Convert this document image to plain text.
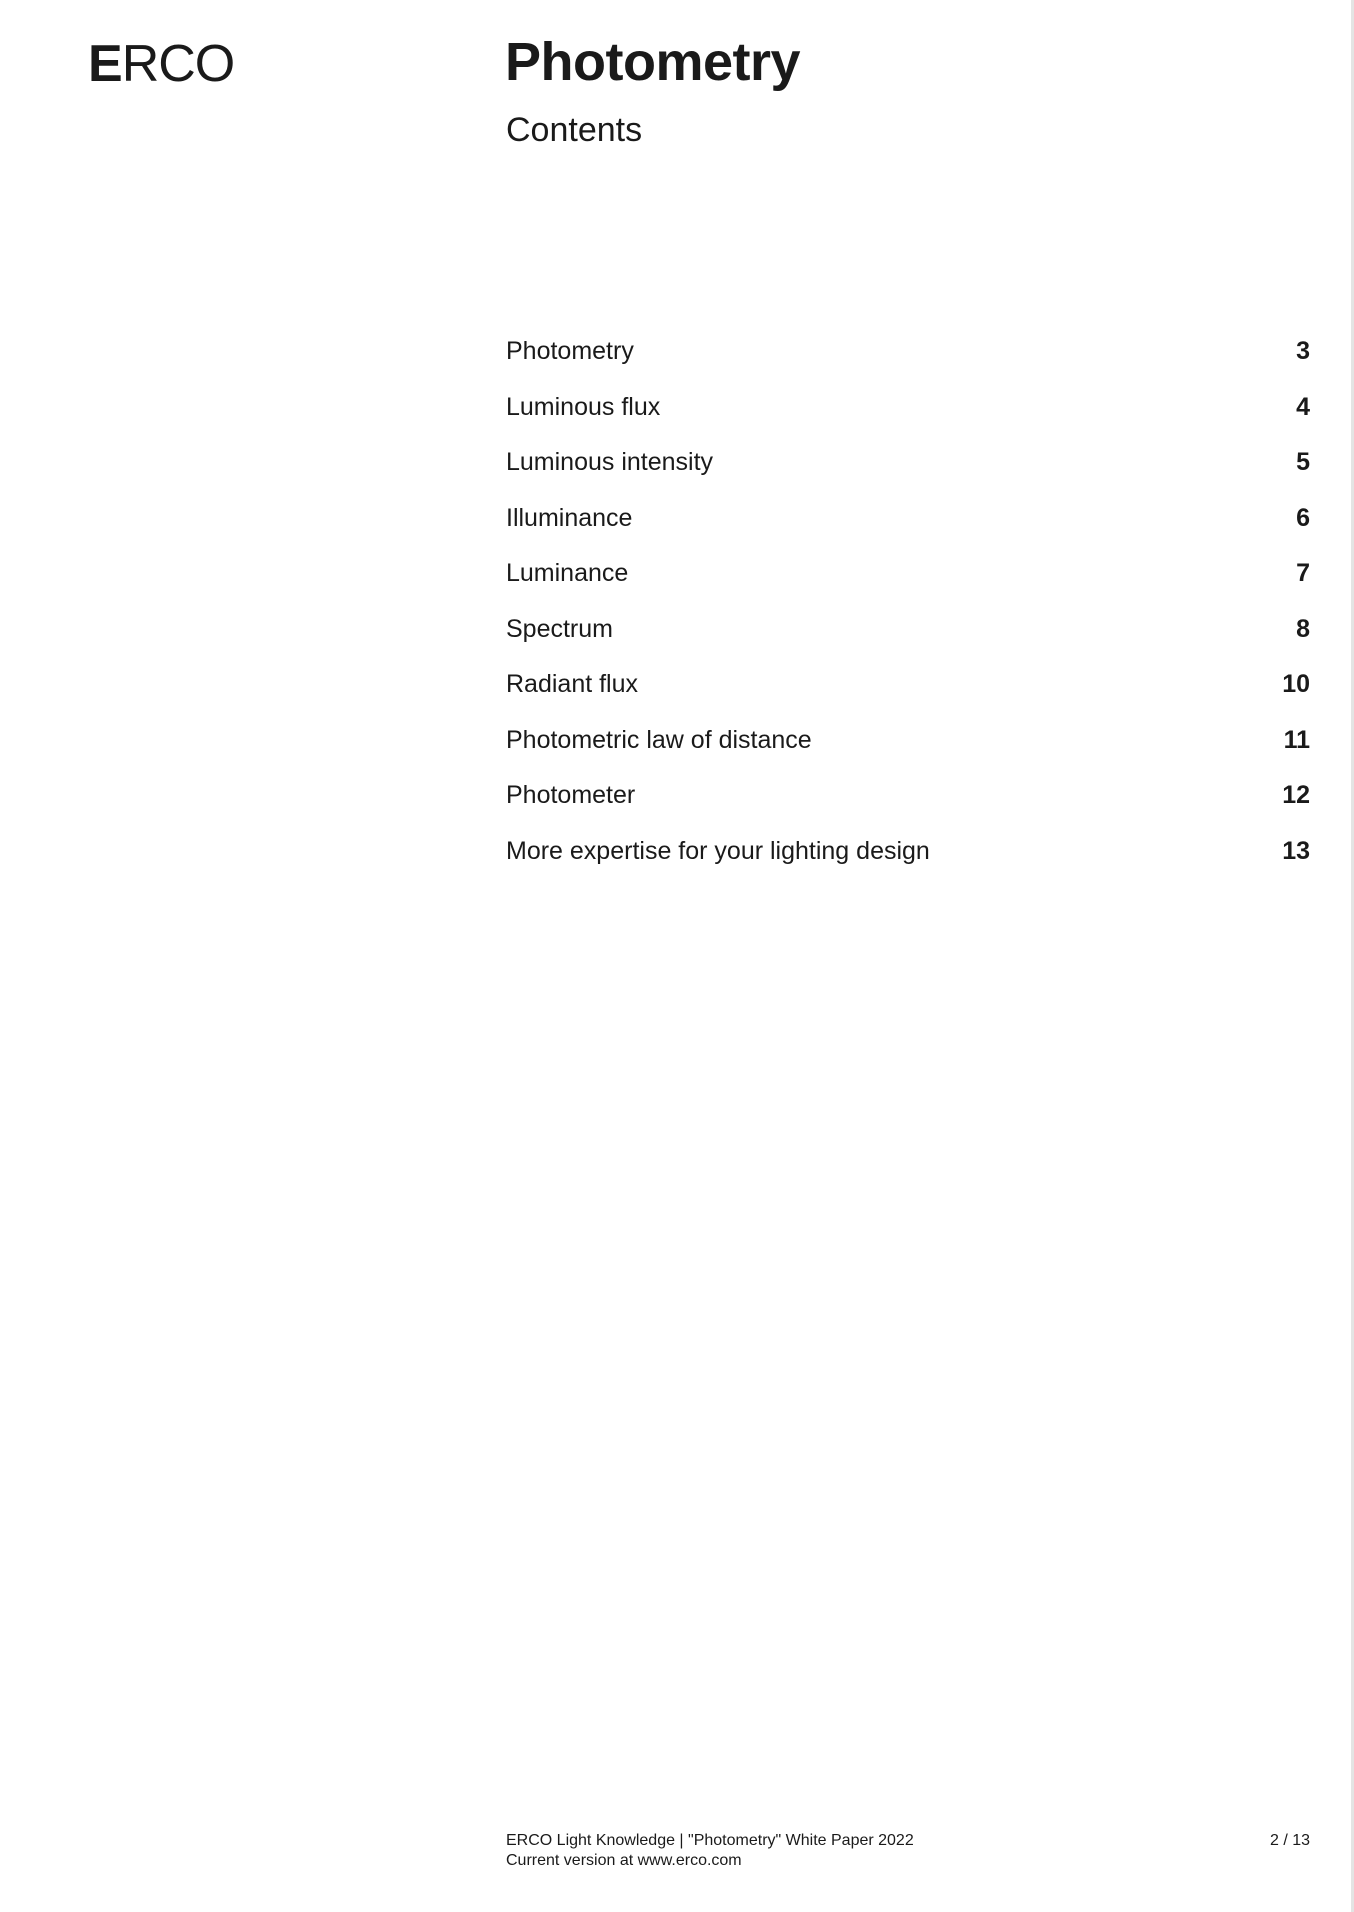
ERCO	Photometry
Contents
Photometry	3
Luminous flux	4
Luminous intensity	5
Illuminance	6
Luminance	7
Spectrum	8
Radiant flux	10
Photometric law of distance	11
Photometer	12
More expertise for your lighting design	13
ERCO Light Knowledge | "Photometry" White Paper 2022
Current version at www.erco.com
2 / 13
